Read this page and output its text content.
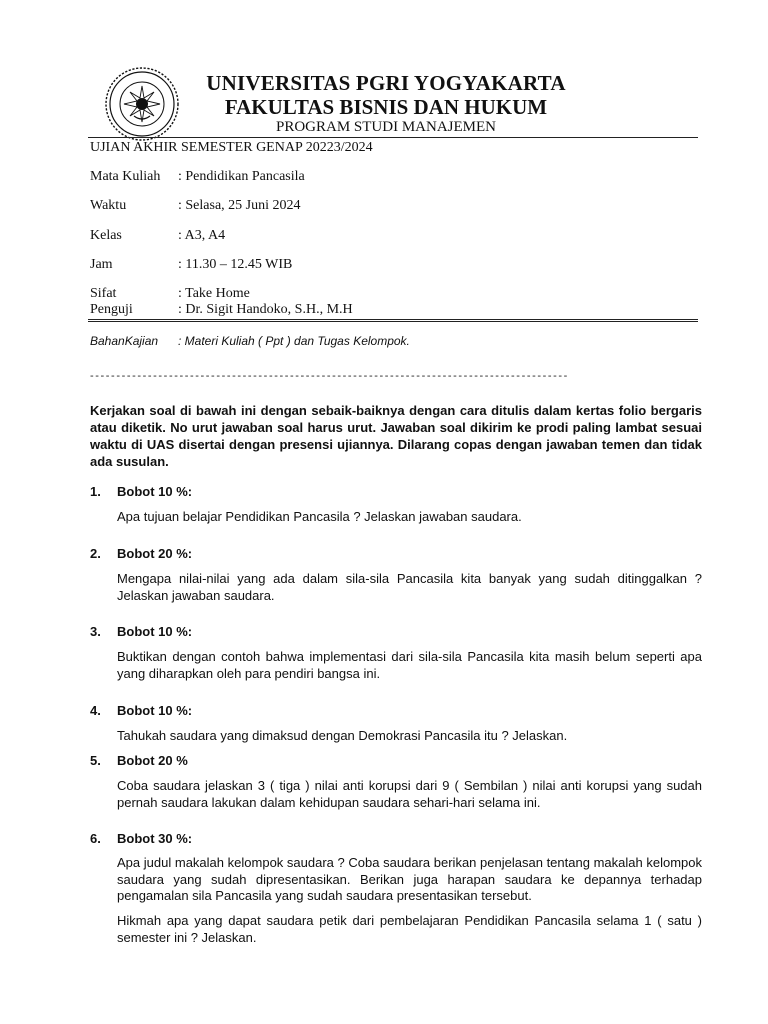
UNIVERSITAS PGRI YOGYAKARTA
FAKULTAS BISNIS DAN HUKUM
PROGRAM STUDI MANAJEMEN
UJIAN AKHIR SEMESTER GENAP 20223/2024
Mata Kuliah : Pendidikan Pancasila
Waktu	: Selasa, 25 Juni 2024
Kelas	: A3, A4
Jam	: 11.30 – 12.45 WIB
Sifat	: Take Home
Penguji	: Dr. Sigit Handoko, S.H., M.H
BahanKajian : Materi Kuliah ( Ppt ) dan Tugas Kelompok.
-------------------------------------------------------------------------------------------
Kerjakan soal di bawah ini dengan sebaik-baiknya dengan cara ditulis dalam kertas folio bergaris atau diketik. No urut jawaban soal harus urut. Jawaban soal dikirim ke prodi paling lambat sesuai waktu di UAS disertai dengan presensi ujiannya. Dilarang copas dengan jawaban temen dan tidak ada susulan.
1. Bobot 10 %:
Apa tujuan belajar Pendidikan Pancasila ? Jelaskan jawaban saudara.
2. Bobot 20 %:
Mengapa nilai-nilai yang ada dalam sila-sila Pancasila kita banyak yang sudah ditinggalkan ? Jelaskan jawaban saudara.
3. Bobot 10 %:
Buktikan dengan contoh bahwa implementasi dari sila-sila Pancasila kita masih belum seperti apa yang diharapkan oleh para pendiri bangsa ini.
4. Bobot 10 %:
Tahukah saudara yang dimaksud dengan Demokrasi Pancasila itu ? Jelaskan.
5. Bobot 20 %
Coba saudara jelaskan 3 ( tiga ) nilai anti korupsi dari 9 ( Sembilan ) nilai anti korupsi yang sudah pernah saudara lakukan dalam kehidupan saudara sehari-hari selama ini.
6. Bobot 30 %:
Apa judul makalah kelompok saudara ? Coba saudara berikan penjelasan tentang makalah kelompok saudara yang sudah dipresentasikan. Berikan juga harapan saudara ke depannya terhadap pengamalan sila Pancasila yang sudah saudara presentasikan tersebut.
Hikmah apa yang dapat saudara petik dari pembelajaran Pendidikan Pancasila selama 1 ( satu ) semester ini ? Jelaskan.
